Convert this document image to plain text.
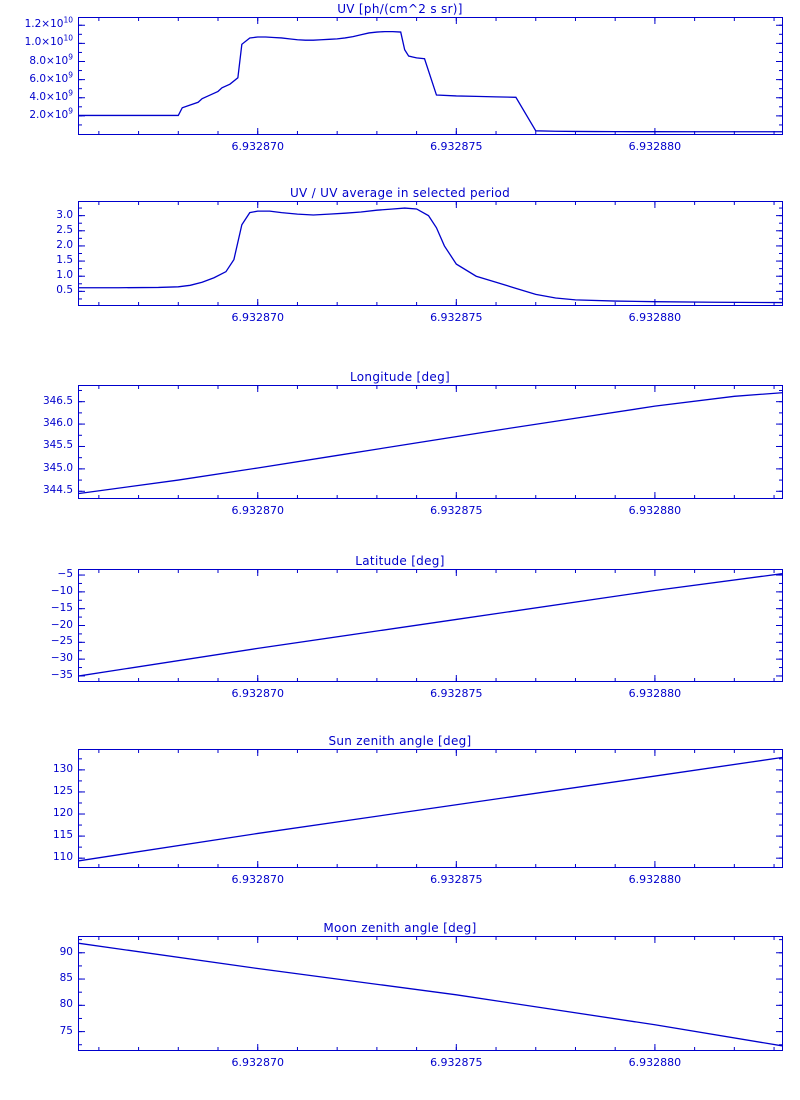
UV [ph/(cm^2 s sr)]
$2.0\times 10^9$
$4.0\times 10^9$
$6.0\times 10^9$
$8.0\times 10^9$
$1.0\times 10^{10}$
$1.2\times 10^{10}$
6.932870	6.932875	6.932880
UV / UV average in selected period
0.5
1.0
1.5
2.0
2.5
3.0
6.932870	6.932875	6.932880
Longitude [deg]
344.5
345.0
345.5
346.0
346.5
6.932870	6.932875	6.932880
Latitude [deg]
−35
−30
−25
−20
−15
−10
−5
6.932870	6.932875	6.932880
Sun zenith angle [deg]
110
115
120
125
130
6.932870	6.932875	6.932880
Moon zenith angle [deg]
75
80
85
90
6.932870	6.932875	6.932880
